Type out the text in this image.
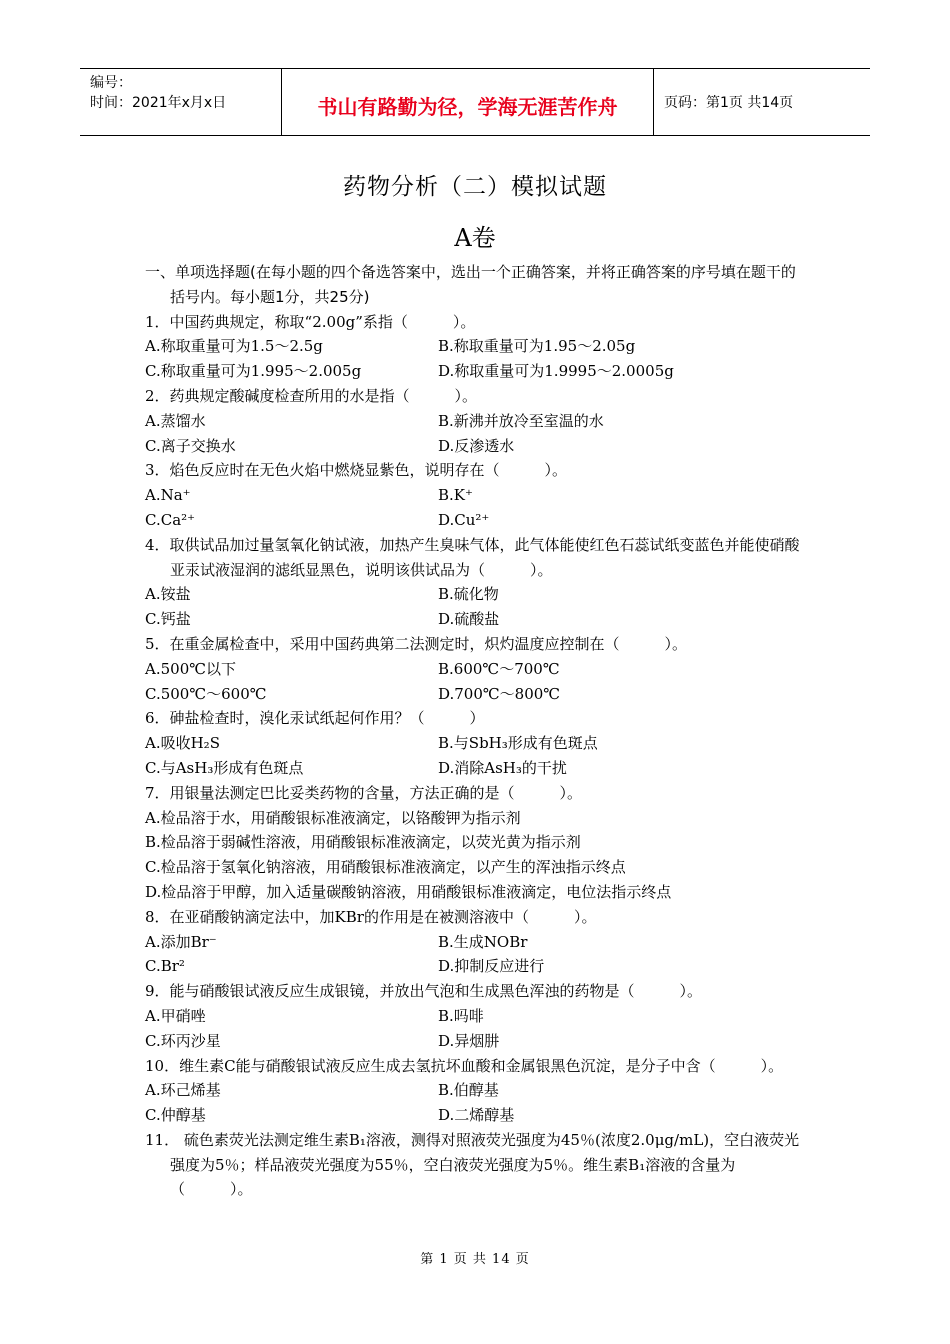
编号：
时间：2021年x月x日	书山有路勤为径，学海无涯苦作舟	页码：第1页 共14页
药物分析（二）模拟试题
A卷
一、单项选择题(在每小题的四个备选答案中，选出一个正确答案，并将正确答案的序号填在题干的括号内。每小题1分，共25分)
1．中国药典规定，称取“2.00g”系指（　　　）。
A.称取重量可为1.5～2.5g	B.称取重量可为1.95～2.05g
C.称取重量可为1.995～2.005g	D.称取重量可为1.9995～2.0005g
2．药典规定酸碱度检查所用的水是指（　　　）。
A.蒸馏水	B.新沸并放冷至室温的水
C.离子交换水	D.反渗透水
3．焰色反应时在无色火焰中燃烧显紫色，说明存在（　　　）。
A.Na⁺	B.K⁺
C.Ca²⁺	D.Cu²⁺
4．取供试品加过量氢氧化钠试液，加热产生臭味气体，此气体能使红色石蕊试纸变蓝色并能使硝酸亚汞试液湿润的滤纸显黑色，说明该供试品为（　　　）。
A.铵盐	B.硫化物
C.钙盐	D.硫酸盐
5．在重金属检查中，采用中国药典第二法测定时，炽灼温度应控制在（　　　）。
A.500℃以下	B.600℃～700℃
C.500℃～600℃	D.700℃～800℃
6．砷盐检查时，溴化汞试纸起何作用？（　　　）
A.吸收H₂S	B.与SbH₃形成有色斑点
C.与AsH₃形成有色斑点	D.消除AsH₃的干扰
7．用银量法测定巴比妥类药物的含量，方法正确的是（　　　）。
A.检品溶于水，用硝酸银标准液滴定，以铬酸钾为指示剂
B.检品溶于弱碱性溶液，用硝酸银标准液滴定，以荧光黄为指示剂
C.检品溶于氢氧化钠溶液，用硝酸银标准液滴定，以产生的浑浊指示终点
D.检品溶于甲醇，加入适量碳酸钠溶液，用硝酸银标准液滴定，电位法指示终点
8．在亚硝酸钠滴定法中，加KBr的作用是在被测溶液中（　　　）。
A.添加Br⁻	B.生成NOBr
C.Br²	D.抑制反应进行
9．能与硝酸银试液反应生成银镜，并放出气泡和生成黑色浑浊的药物是（　　　）。
A.甲硝唑	B.吗啡
C.环丙沙星	D.异烟肼
10．维生素C能与硝酸银试液反应生成去氢抗坏血酸和金属银黑色沉淀，是分子中含（　　　）。
A.环己烯基	B.伯醇基
C.仲醇基	D.二烯醇基
11． 硫色素荧光法测定维生素B₁溶液，测得对照液荧光强度为45％(浓度2.0μg/mL)，空白液荧光强度为5％；样品液荧光强度为55％，空白液荧光强度为5％。维生素B₁溶液的含量为（　　　）。
第 1 页 共 14 页
